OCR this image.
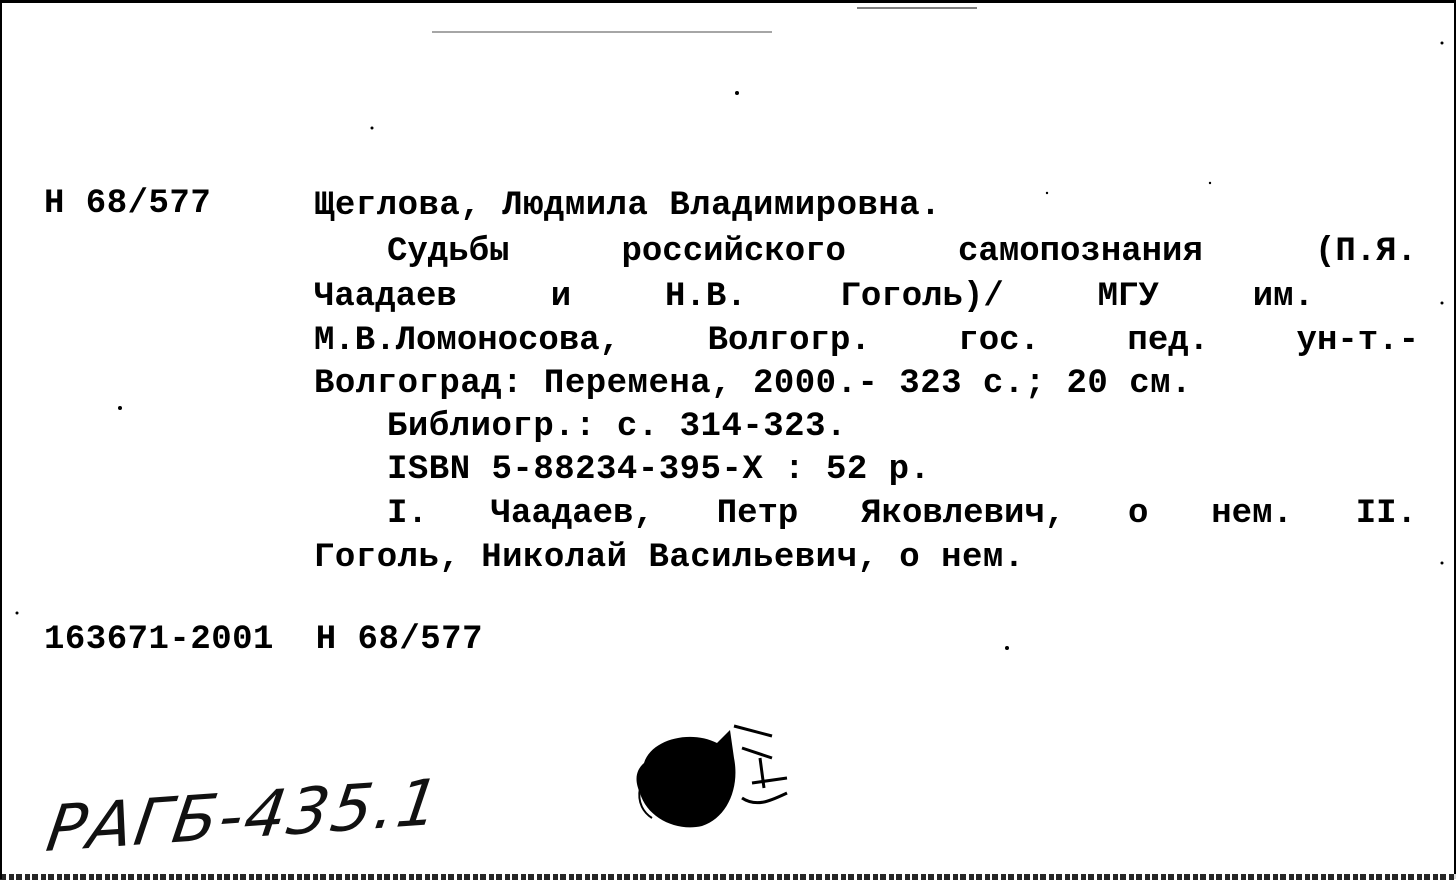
Н 68/577	Щеглова, Людмила Владимировна.
Судьбы	российского	самопознания	(П.Я.
Чаадаев	и	Н.В.	Гоголь)/	МГУ	им.
М.В.Ломоносова,	Волгогр.	гос.	пед.	ун-т.-
Волгоград: Перемена, 2000.- 323 с.; 20 см.
Библиогр.: с. 314-323.
ISBN 5-88234-395-X : 52 р.
I. Чаадаев, Петр Яковлевич, о нем. II.
Гоголь, Николай Васильевич, о нем.
163671-2001  Н 68/577
РАГБ-435.1
